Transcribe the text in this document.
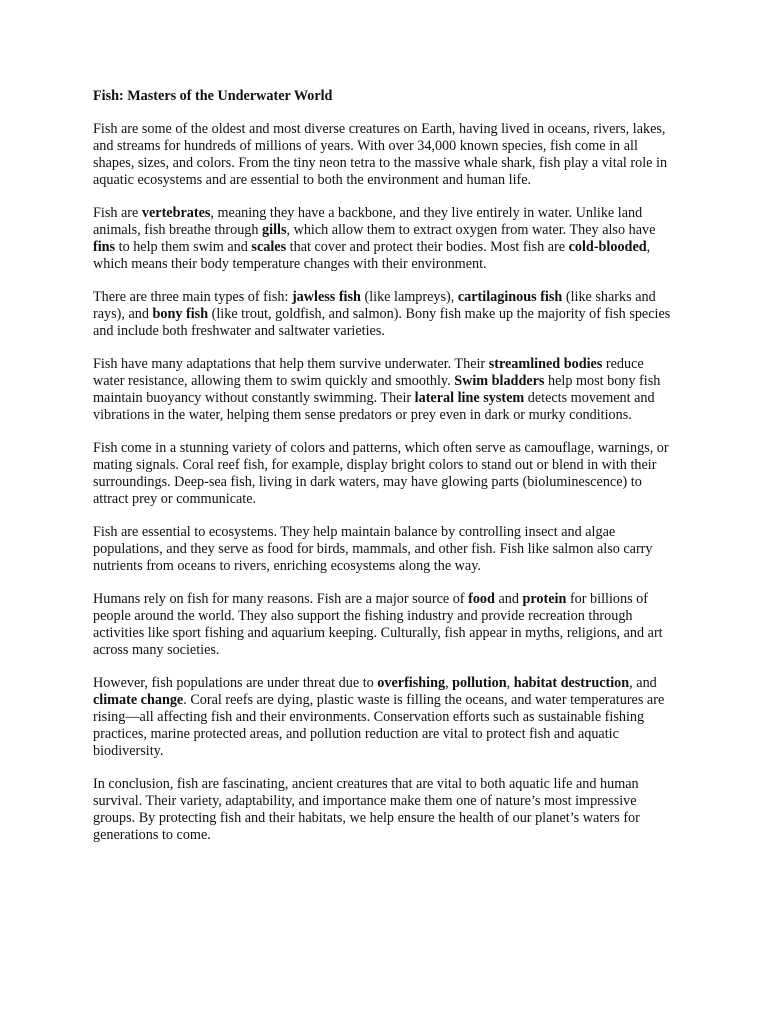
Fish: Masters of the Underwater World

Fish are some of the oldest and most diverse creatures on Earth, having lived in oceans, rivers, lakes, and streams for hundreds of millions of years. With over 34,000 known species, fish come in all shapes, sizes, and colors. From the tiny neon tetra to the massive whale shark, fish play a vital role in aquatic ecosystems and are essential to both the environment and human life.

Fish are vertebrates, meaning they have a backbone, and they live entirely in water. Unlike land animals, fish breathe through gills, which allow them to extract oxygen from water. They also have fins to help them swim and scales that cover and protect their bodies. Most fish are cold-blooded, which means their body temperature changes with their environment.

There are three main types of fish: jawless fish (like lampreys), cartilaginous fish (like sharks and rays), and bony fish (like trout, goldfish, and salmon). Bony fish make up the majority of fish species and include both freshwater and saltwater varieties.

Fish have many adaptations that help them survive underwater. Their streamlined bodies reduce water resistance, allowing them to swim quickly and smoothly. Swim bladders help most bony fish maintain buoyancy without constantly swimming. Their lateral line system detects movement and vibrations in the water, helping them sense predators or prey even in dark or murky conditions.

Fish come in a stunning variety of colors and patterns, which often serve as camouflage, warnings, or mating signals. Coral reef fish, for example, display bright colors to stand out or blend in with their surroundings. Deep-sea fish, living in dark waters, may have glowing parts (bioluminescence) to attract prey or communicate.

Fish are essential to ecosystems. They help maintain balance by controlling insect and algae populations, and they serve as food for birds, mammals, and other fish. Fish like salmon also carry nutrients from oceans to rivers, enriching ecosystems along the way.

Humans rely on fish for many reasons. Fish are a major source of food and protein for billions of people around the world. They also support the fishing industry and provide recreation through activities like sport fishing and aquarium keeping. Culturally, fish appear in myths, religions, and art across many societies.

However, fish populations are under threat due to overfishing, pollution, habitat destruction, and climate change. Coral reefs are dying, plastic waste is filling the oceans, and water temperatures are rising—all affecting fish and their environments. Conservation efforts such as sustainable fishing practices, marine protected areas, and pollution reduction are vital to protect fish and aquatic biodiversity.

In conclusion, fish are fascinating, ancient creatures that are vital to both aquatic life and human survival. Their variety, adaptability, and importance make them one of nature’s most impressive groups. By protecting fish and their habitats, we help ensure the health of our planet’s waters for generations to come.
